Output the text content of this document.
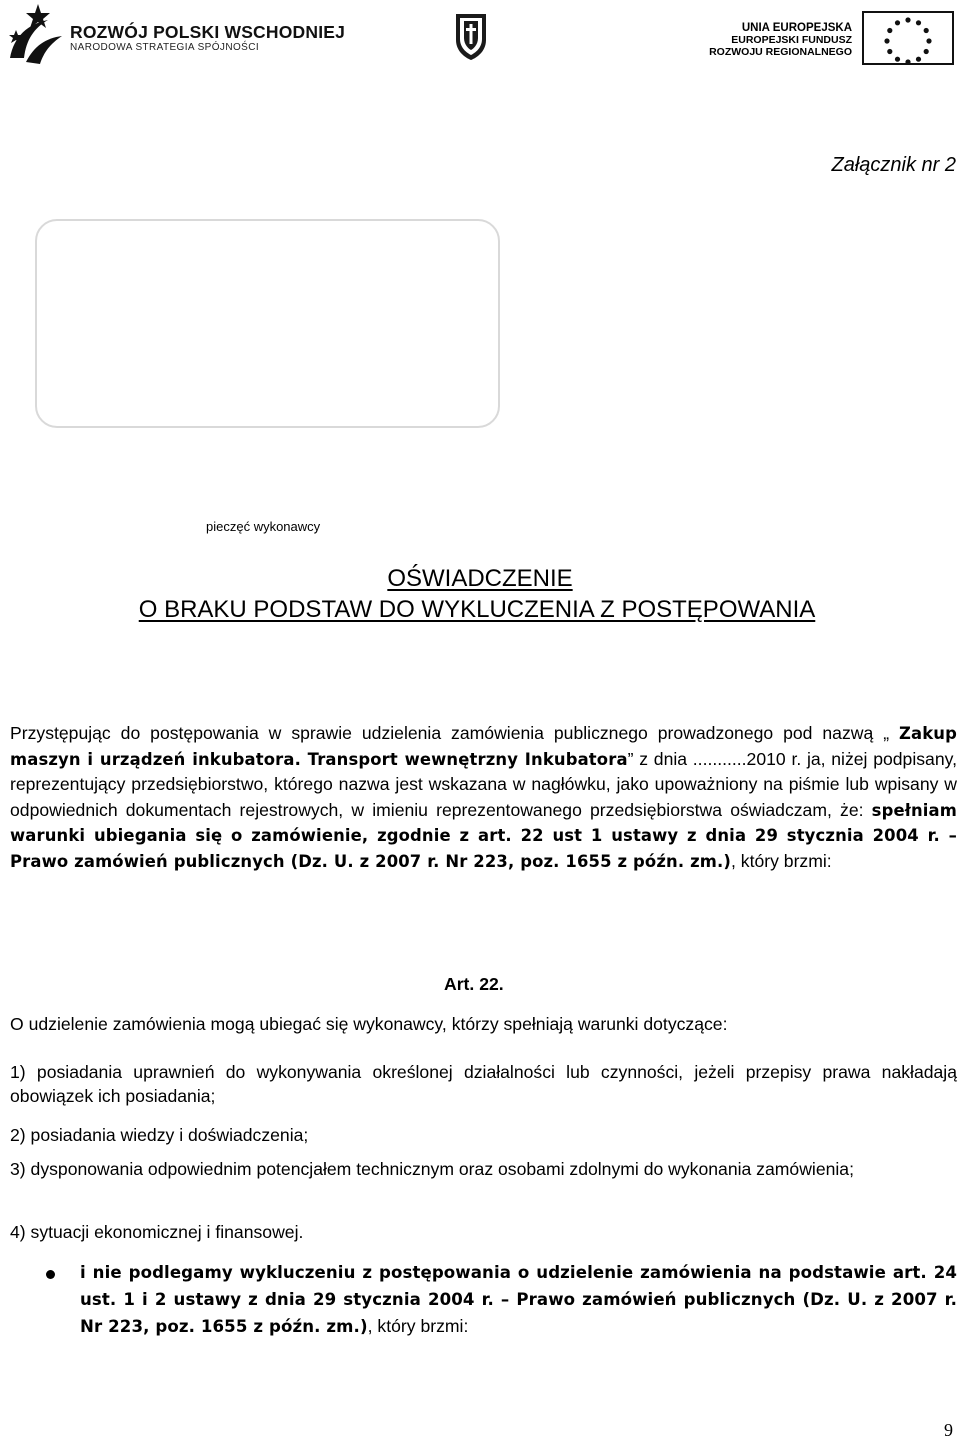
ROZWÓJ POLSKI WSCHODNIEJ
NARODOWA STRATEGIA SPÓJNOŚCI
UNIA EUROPEJSKA
EUROPEJSKI FUNDUSZ
ROZWOJU REGIONALNEGO
Załącznik nr 2
pieczęć wykonawcy
OŚWIADCZENIE
O BRAKU PODSTAW DO WYKLUCZENIA Z POSTĘPOWANIA
Przystępując do postępowania w sprawie udzielenia zamówienia publicznego prowadzonego pod nazwą „ Zakup maszyn i urządzeń inkubatora. Transport wewnętrzny Inkubatora” z dnia ...........2010 r. ja, niżej podpisany, reprezentujący przedsiębiorstwo, którego nazwa jest wskazana w nagłówku, jako upoważniony na piśmie lub wpisany w odpowiednich dokumentach rejestrowych, w imieniu reprezentowanego przedsiębiorstwa oświadczam, że: spełniam warunki ubiegania się o zamówienie, zgodnie z art. 22 ust 1 ustawy z dnia 29 stycznia 2004 r. – Prawo zamówień publicznych (Dz. U. z 2007 r. Nr 223, poz. 1655 z późn. zm.), który brzmi:
Art. 22.
O udzielenie zamówienia mogą ubiegać się wykonawcy, którzy spełniają warunki dotyczące:
1) posiadania uprawnień do wykonywania określonej działalności lub czynności, jeżeli przepisy prawa nakładają obowiązek ich posiadania;
2) posiadania wiedzy i doświadczenia;
3) dysponowania odpowiednim potencjałem technicznym oraz osobami zdolnymi do wykonania zamówienia;
4) sytuacji ekonomicznej i finansowej.
i nie podlegamy wykluczeniu z postępowania o udzielenie zamówienia na podstawie art. 24 ust. 1 i 2 ustawy z dnia 29 stycznia 2004 r. – Prawo zamówień publicznych (Dz. U. z 2007 r. Nr 223, poz. 1655 z późn. zm.), który brzmi:
9
